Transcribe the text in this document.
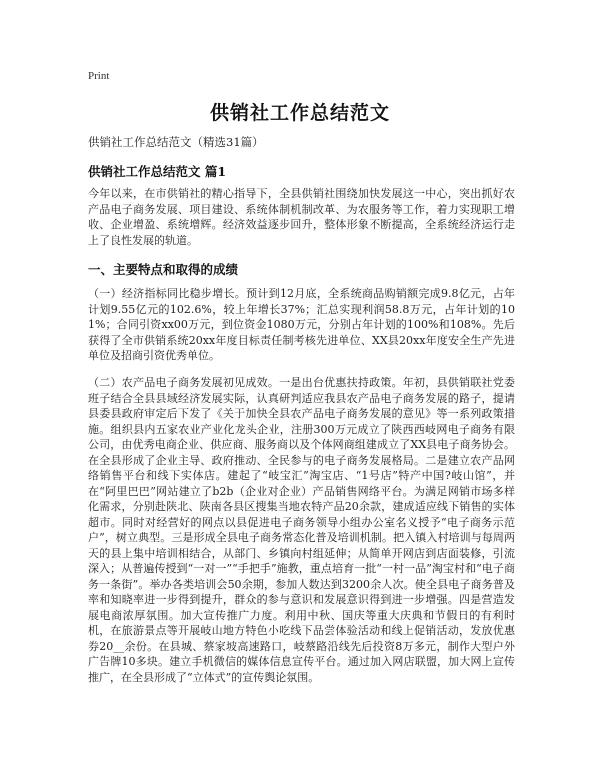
Print
供销社工作总结范文
供销社工作总结范文（精选31篇）
供销社工作总结范文 篇1
今年以来，在市供销社的精心指导下，全县供销社围绕加快发展这一中心，突出抓好农产品电子商务发展、项目建设、系统体制机制改革、为农服务等工作，着力实现职工增收、企业增盈、系统增辉。经济效益逐步回升，整体形象不断提高，全系统经济运行走上了良性发展的轨道。
一、主要特点和取得的成绩
（一）经济指标同比稳步增长。预计到12月底，全系统商品购销额完成9.8亿元，占年计划9.55亿元的102.6%，较上年增长37%；汇总实现利润58.8万元，占年计划的101%；合同引资xx00万元，到位资金1080万元，分别占年计划的100%和108%。先后获得了全市供销系统20xx年度目标责任制考核先进单位、XX县20xx年度安全生产先进单位及招商引资优秀单位。
（二）农产品电子商务发展初见成效。一是出台优惠扶持政策。年初，县供销联社党委班子结合全县县域经济发展实际，认真研判适应我县农产品电子商务发展的路子，提请县委县政府审定后下发了《关于加快全县农产品电子商务发展的意见》等一系列政策措施。组织县内五家农业产业化龙头企业，注册300万元成立了陕西西岐网电子商务有限公司，由优秀电商企业、供应商、服务商以及个体网商组建成立了XX县电子商务协会。在全县形成了企业主导、政府推动、全民参与的电子商务发展格局。二是建立农产品网络销售平台和线下实体店。建起了“岐宝汇”淘宝店、“1号店”特产中国?岐山馆”，并在“阿里巴巴”网站建立了b2b（企业对企业）产品销售网络平台。为满足网销市场多样化需求，分别赴陕北、陕南各县区搜集当地农特产品20余款，建成适应线下销售的实体超市。同时对经营好的网点以县促进电子商务领导小组办公室名义授予“电子商务示范户”，树立典型。三是形成全县电子商务常态化普及培训机制。把入镇入村培训与每周两天的县上集中培训相结合，从部门、乡镇向村组延伸；从简单开网店到店面装修，引流深入；从普遍传授到“一对一”“手把手”施教，重点培育一批“一村一品”淘宝村和“电子商务一条街”。举办各类培训会50余期，参加人数达到3200余人次。使全县电子商务普及率和知晓率进一步得到提升，群众的参与意识和发展意识得到进一步增强。四是营造发展电商浓厚氛围。加大宣传推广力度。利用中秋、国庆等重大庆典和节假日的有利时机，在旅游景点等开展岐山地方特色小吃线下品尝体验活动和线上促销活动，发放优惠券20__余份。在县城、蔡家坡高速路口，岐蔡路沿线先后投资8万多元，制作大型户外广告牌10多块。建立手机微信的媒体信息宣传平台。通过加入网店联盟，加大网上宣传推广，在全县形成了“立体式”的宣传舆论氛围。
